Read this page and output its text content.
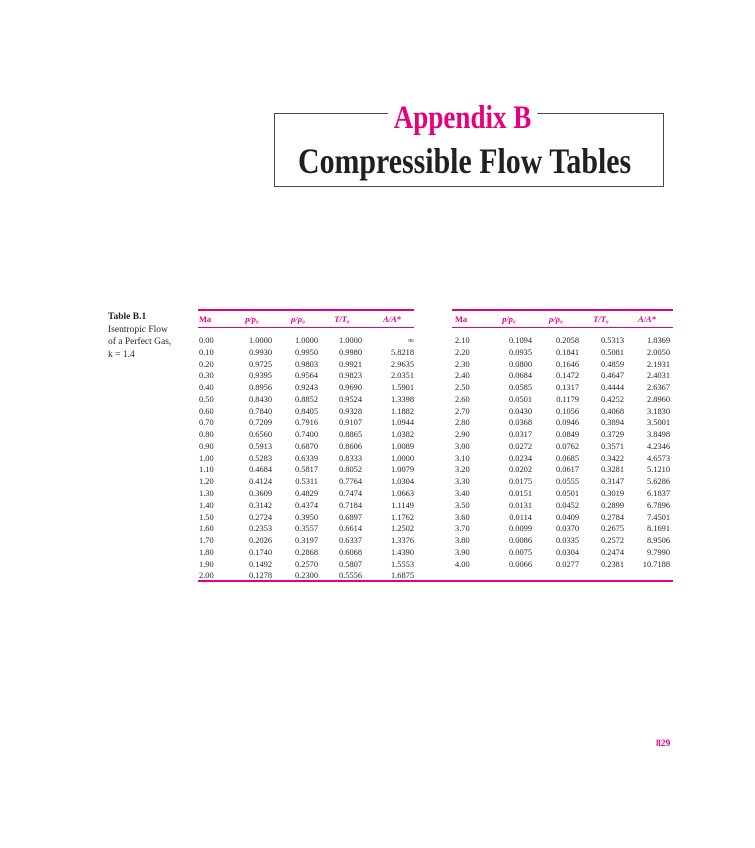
Appendix B
Compressible Flow Tables
Table B.1
Isentropic Flow
of a Perfect Gas,
k = 1.4
Ma	p/p₀	ρ/ρ₀	T/T₀	A/A*
0.00	1.0000	1.0000	1.0000	∞
0.10	0.9930	0.9950	0.9980	5.8218
0.20	0.9725	0.9803	0.9921	2.9635
0.30	0.9395	0.9564	0.9823	2.0351
0.40	0.8956	0.9243	0.9690	1.5901
0.50	0.8430	0.8852	0.9524	1.3398
0.60	0.7840	0.8405	0.9328	1.1882
0.70	0.7209	0.7916	0.9107	1.0944
0.80	0.6560	0.7400	0.8865	1.0382
0.90	0.5913	0.6870	0.8606	1.0089
1.00	0.5283	0.6339	0.8333	1.0000
1.10	0.4684	0.5817	0.8052	1.0079
1.20	0.4124	0.5311	0.7764	1.0304
1.30	0.3609	0.4829	0.7474	1.0663
1.40	0.3142	0.4374	0.7184	1.1149
1.50	0.2724	0.3950	0.6897	1.1762
1.60	0.2353	0.3557	0.6614	1.2502
1.70	0.2026	0.3197	0.6337	1.3376
1.80	0.1740	0.2868	0.6068	1.4390
1.90	0.1492	0.2570	0.5807	1.5553
2.00	0.1278	0.2300	0.5556	1.6875
Ma	p/p₀	ρ/ρ₀	T/T₀	A/A*
2.10	0.1094	0.2058	0.5313	1.8369
2.20	0.0935	0.1841	0.5081	2.0050
2.30	0.0800	0.1646	0.4859	2.1931
2.40	0.0684	0.1472	0.4647	2.4031
2.50	0.0585	0.1317	0.4444	2.6367
2.60	0.0501	0.1179	0.4252	2.8960
2.70	0.0430	0.1056	0.4068	3.1830
2.80	0.0368	0.0946	0.3894	3.5001
2.90	0.0317	0.0849	0.3729	3.8498
3.00	0.0272	0.0762	0.3571	4.2346
3.10	0.0234	0.0685	0.3422	4.6573
3.20	0.0202	0.0617	0.3281	5.1210
3.30	0.0175	0.0555	0.3147	5.6286
3.40	0.0151	0.0501	0.3019	6.1837
3.50	0.0131	0.0452	0.2899	6.7896
3.60	0.0114	0.0409	0.2784	7.4501
3.70	0.0099	0.0370	0.2675	8.1691
3.80	0.0086	0.0335	0.2572	8.9506
3.90	0.0075	0.0304	0.2474	9.7990
4.00	0.0066	0.0277	0.2381	10.7188
829
